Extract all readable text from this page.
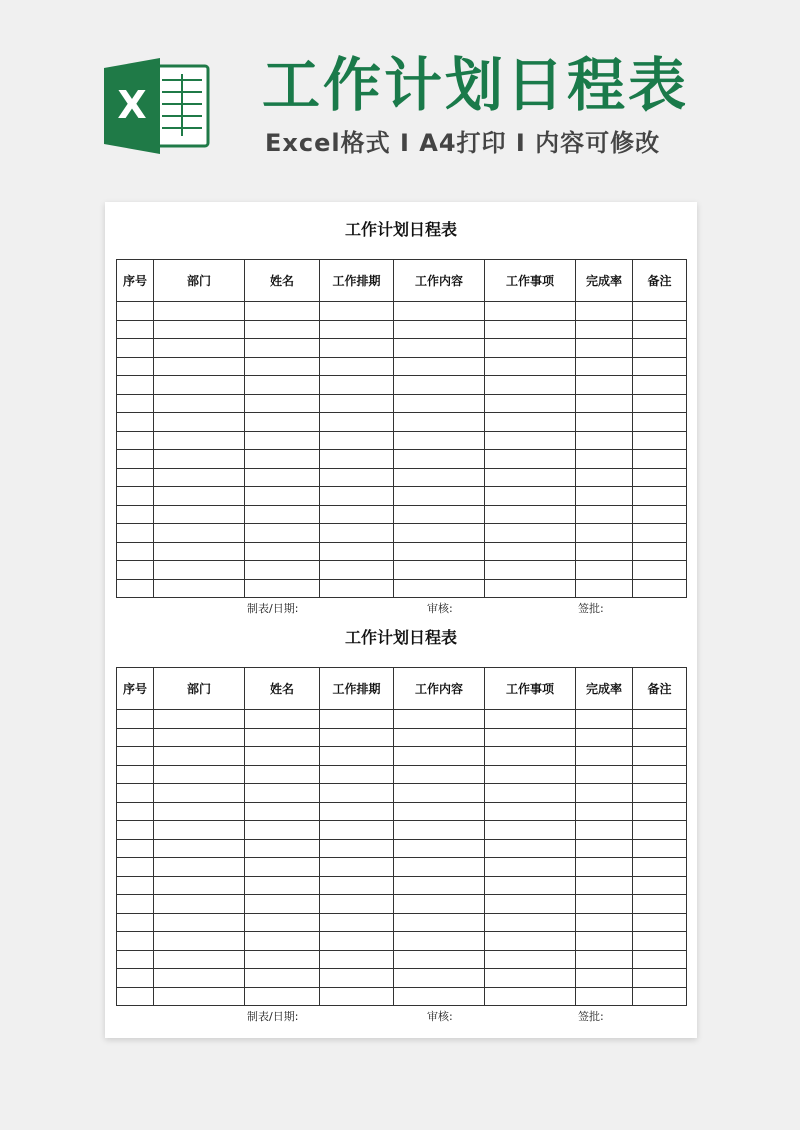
X 工作计划日程表
Excel格式 I A4打印 I 内容可修改
工作计划日程表
序号	部门	姓名	工作排期	工作内容	工作事项	完成率	备注

制表/日期:	审核:	签批:
工作计划日程表
序号	部门	姓名	工作排期	工作内容	工作事项	完成率	备注

制表/日期:	审核:	签批:
